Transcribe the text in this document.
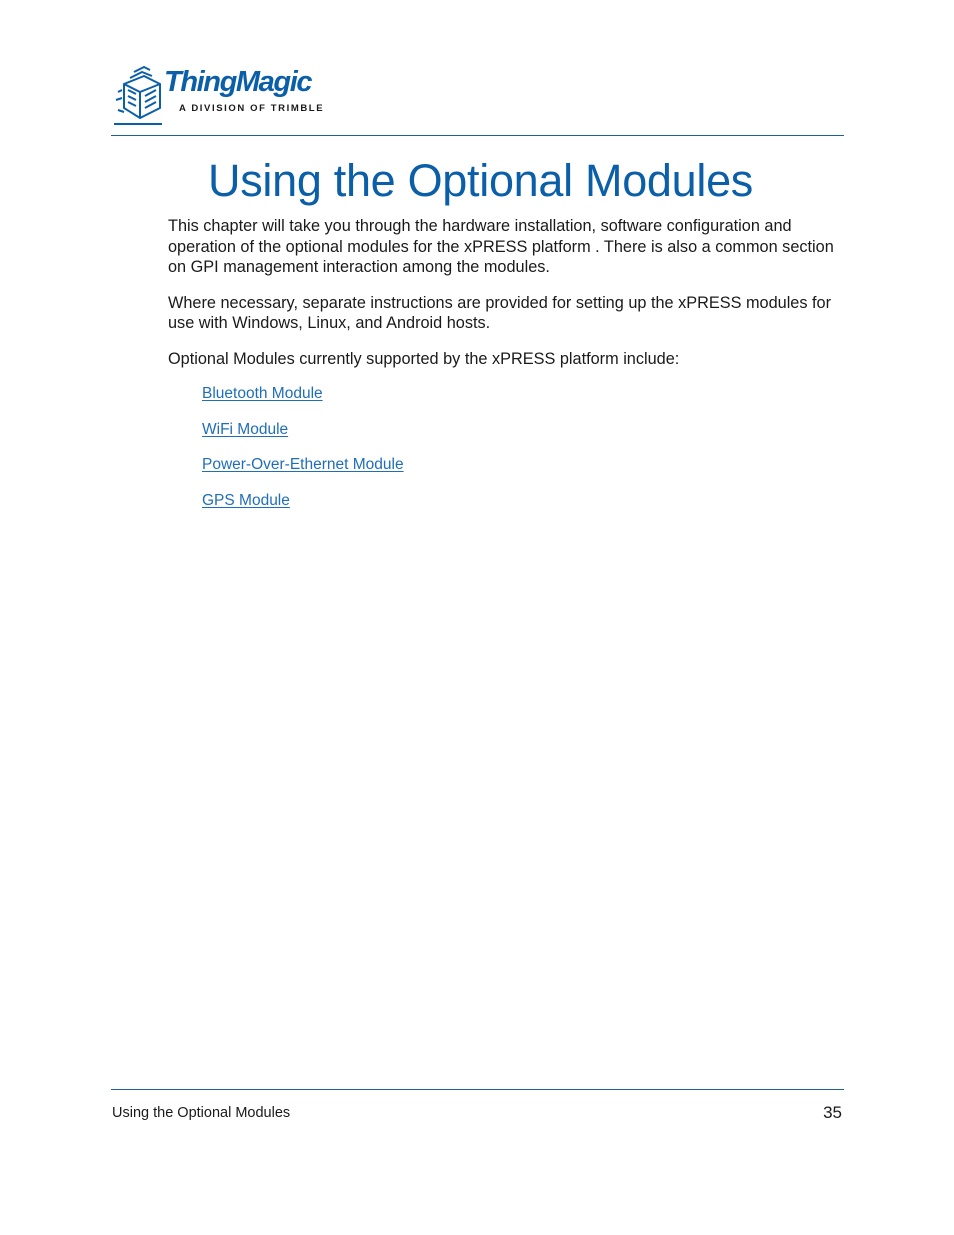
ThingMagic
A DIVISION OF TRIMBLE
Using the Optional Modules

This chapter will take you through the hardware installation, software configuration and operation of the optional modules for the xPRESS platform . There is also a common section on GPI management interaction among the modules.

Where necessary, separate instructions are provided for setting up the xPRESS modules for use with Windows, Linux, and Android hosts.

Optional Modules currently supported by the xPRESS platform include:

Bluetooth Module
WiFi Module
Power-Over-Ethernet Module
GPS Module
Using the Optional Modules	35
